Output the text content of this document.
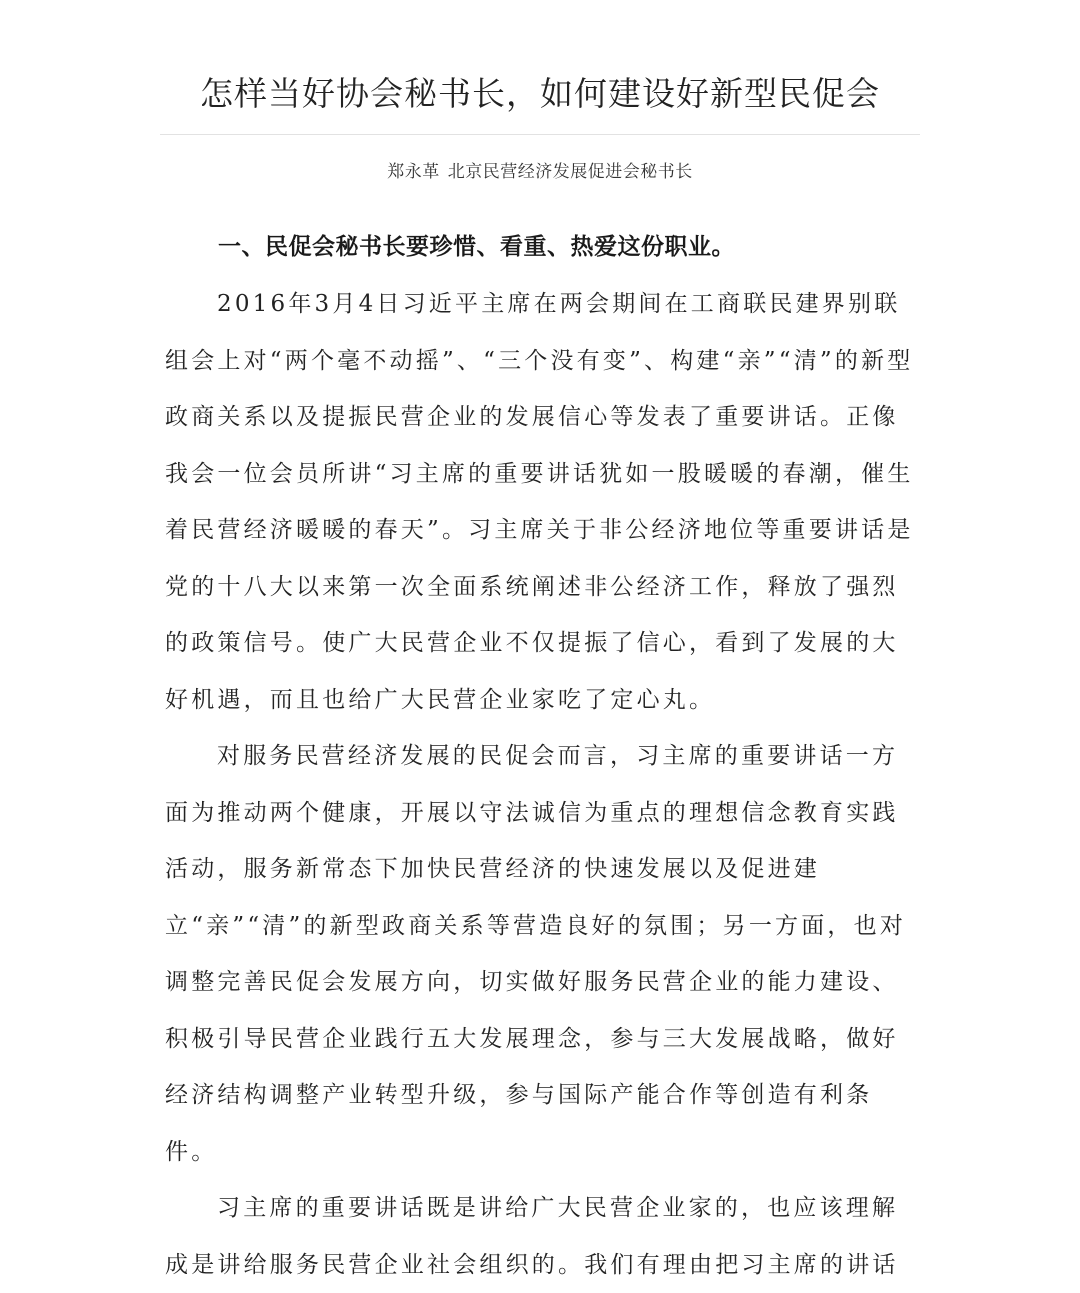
怎样当好协会秘书长，如何建设好新型民促会
郑永革 北京民营经济发展促进会秘书长
一、民促会秘书长要珍惜、看重、热爱这份职业。

2016年3月4日习近平主席在两会期间在工商联民建界别联组会上对“两个毫不动摇”、“三个没有变”、构建“亲”“清”的新型政商关系以及提振民营企业的发展信心等发表了重要讲话。正像我会一位会员所讲“习主席的重要讲话犹如一股暖暖的春潮，催生着民营经济暖暖的春天”。习主席关于非公经济地位等重要讲话是党的十八大以来第一次全面系统阐述非公经济工作，释放了强烈的政策信号。使广大民营企业不仅提振了信心，看到了发展的大好机遇，而且也给广大民营企业家吃了定心丸。

对服务民营经济发展的民促会而言，习主席的重要讲话一方面为推动两个健康，开展以守法诚信为重点的理想信念教育实践活动，服务新常态下加快民营经济的快速发展以及促进建立“亲”“清”的新型政商关系等营造良好的氛围；另一方面，也对调整完善民促会发展方向，切实做好服务民营企业的能力建设、积极引导民营企业践行五大发展理念，参与三大发展战略，做好经济结构调整产业转型升级，参与国际产能合作等创造有利条件。

习主席的重要讲话既是讲给广大民营企业家的，也应该理解成是讲给服务民营企业社会组织的。我们有理由把习主席的讲话
